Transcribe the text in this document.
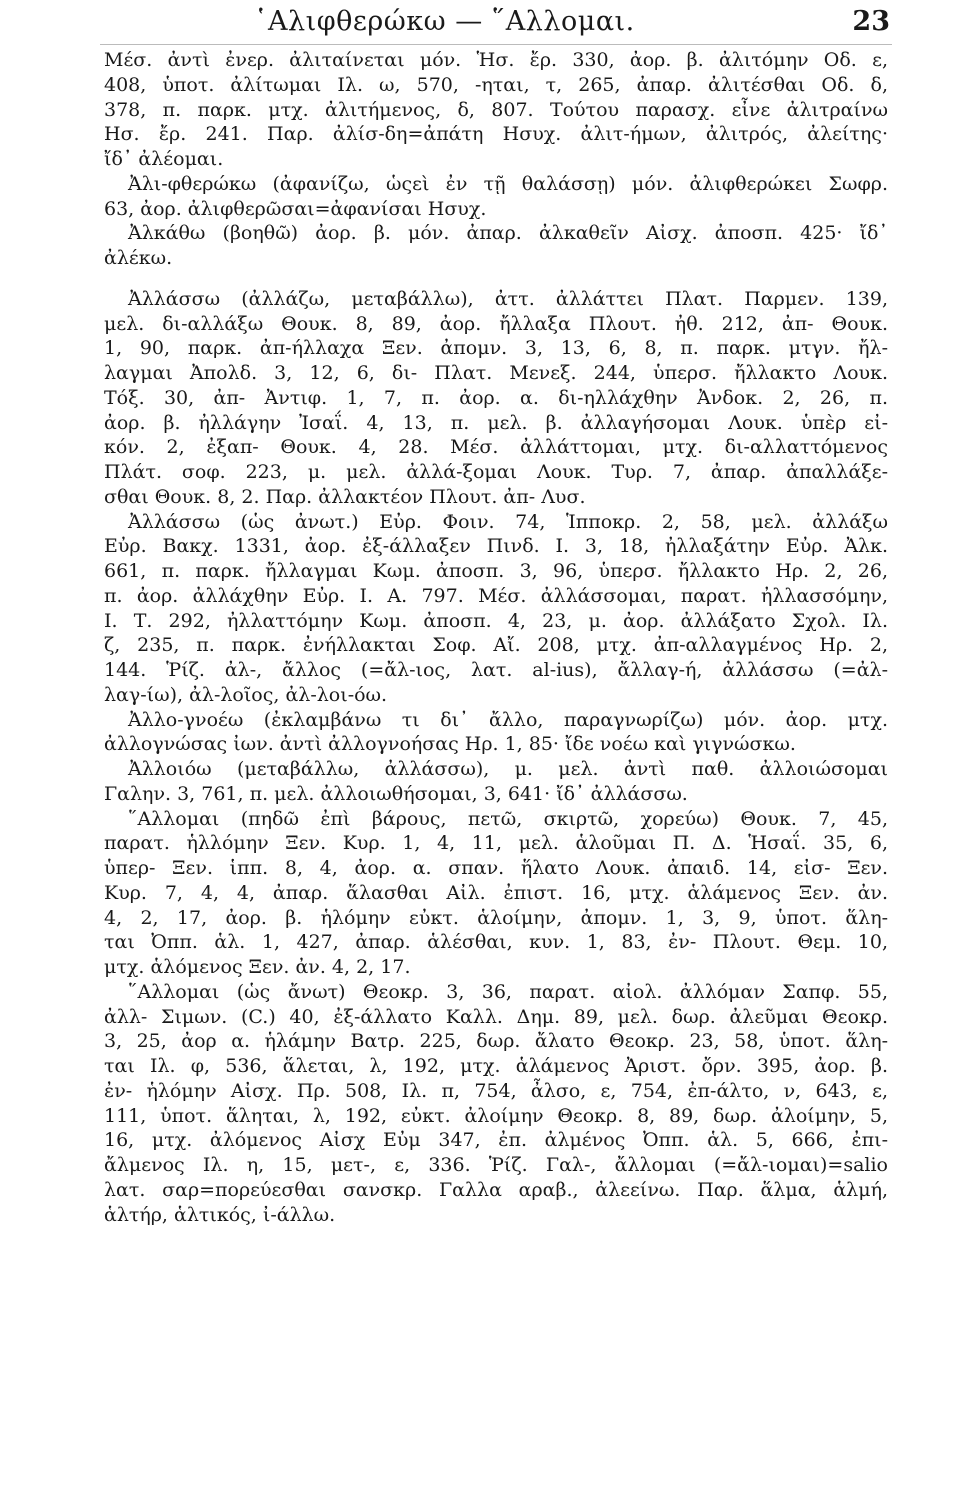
῾Αλιφθερώκω — ῞Αλλομαι.	23
Μέσ. ἀντὶ ἐνερ. ἀλιταίνεται μόν. Ἡσ. ἔρ. 330, ἀορ. β. ἀλιτόμην Οδ. ε,
408, ὑποτ. ἀλίτωμαι Ιλ. ω, 570, -ηται, τ, 265, ἀπαρ. ἀλιτέσθαι Οδ. δ,
378, π. παρκ. μτχ. ἀλιτήμενος, δ, 807. Τούτου παρασχ. εἶνε ἀλιτραίνω
Ησ. ἔρ. 241. Παρ. ἀλίσ-δη=ἀπάτη Ησυχ. ἀλιτ-ήμων, ἀλιτρός, ἀλείτης·
ἴδ᾽ ἀλέομαι.
Ἀλι-φθερώκω (ἀφανίζω, ὡςεὶ ἐν τῇ θαλάσσῃ) μόν. ἀλιφθερώκει Σωφρ.
63, ἀορ. ἀλιφθερῶσαι=ἀφανίσαι Ησυχ.
Ἀλκάθω (βοηθῶ) ἀορ. β. μόν. ἀπαρ. ἀλκαθεῖν Αἰσχ. ἀποσπ. 425· ἴδ᾽
ἀλέκω.
Ἀλλάσσω (ἀλλάζω, μεταβάλλω), ἀττ. ἀλλάττει Πλατ. Παρμεν. 139,
μελ. δι-αλλάξω Θουκ. 8, 89, ἀορ. ἤλλαξα Πλουτ. ἠθ. 212, ἀπ- Θουκ.
1, 90, παρκ. ἀπ-ήλλαχα Ξεν. ἀπομν. 3, 13, 6, 8, π. παρκ. μτγν. ἤλ-
λαγμαι Ἀπολδ. 3, 12, 6, δι- Πλατ. Μενεξ. 244, ὑπερσ. ἤλλακτο Λουκ.
Τόξ. 30, ἀπ- Ἀντιφ. 1, 7, π. ἀορ. α. δι-ηλλάχθην Ἀνδοκ. 2, 26, π.
ἀορ. β. ἠλλάγην Ἰσαΐ. 4, 13, π. μελ. β. ἀλλαγήσομαι Λουκ. ὑπὲρ εἰ-
κόν. 2, ἐξαπ- Θουκ. 4, 28. Μέσ. ἀλλάττομαι, μτχ. δι-αλλαττόμενος
Πλάτ. σοφ. 223, μ. μελ. ἀλλά-ξομαι Λουκ. Τυρ. 7, ἀπαρ. ἀπαλλάξε-
σθαι Θουκ. 8, 2. Παρ. ἀλλακτέον Πλουτ. ἀπ- Λυσ.
Ἀλλάσσω (ὡς ἀνωτ.) Εὐρ. Φοιν. 74, Ἱπποκρ. 2, 58, μελ. ἀλλάξω
Εὐρ. Βακχ. 1331, ἀορ. ἐξ-άλλαξεν Πινδ. Ι. 3, 18, ἠλλαξάτην Εὐρ. Ἀλκ.
661, π. παρκ. ἤλλαγμαι Κωμ. ἀποσπ. 3, 96, ὑπερσ. ἤλλακτο Ηρ. 2, 26,
π. ἀορ. ἀλλάχθην Εὐρ. Ι. Α. 797. Μέσ. ἀλλάσσομαι, παρατ. ἠλλασσόμην,
Ι. Τ. 292, ἠλλαττόμην Κωμ. ἀποσπ. 4, 23, μ. ἀορ. ἀλλάξατο Σχολ. Ιλ.
ζ, 235, π. παρκ. ἐνήλλακται Σοφ. Αἴ. 208, μτχ. ἀπ-αλλαγμένος Ηρ. 2,
144. Ῥίζ. ἀλ-, ἄλλος (=ἄλ-ιος, λατ. al-ius), ἄλλαγ-ή, ἀλλάσσω (=ἀλ-
λαγ-ίω), ἀλ-λοῖος, ἀλ-λοι-όω.
Ἀλλο-γνοέω (ἐκλαμβάνω τι δι᾽ ἄλλο, παραγνωρίζω) μόν. ἀορ. μτχ.
ἀλλογνώσας ἰων. ἀντὶ ἀλλογνοήσας Ηρ. 1, 85· ἴδε νοέω καὶ γιγνώσκω.
Ἀλλοιόω (μεταβάλλω, ἀλλάσσω), μ. μελ. ἀντὶ παθ. ἀλλοιώσομαι
Γαλην. 3, 761, π. μελ. ἀλλοιωθήσομαι, 3, 641· ἴδ᾽ ἀλλάσσω.
῞Αλλομαι (πηδῶ ἐπὶ βάρους, πετῶ, σκιρτῶ, χορεύω) Θουκ. 7, 45,
παρατ. ἡλλόμην Ξεν. Κυρ. 1, 4, 11, μελ. ἁλοῦμαι Π. Δ. Ἡσαΐ. 35, 6,
ὑπερ- Ξεν. ἱππ. 8, 4, ἀορ. α. σπαν. ἥλατο Λουκ. ἀπαιδ. 14, εἰσ- Ξεν.
Κυρ. 7, 4, 4, ἀπαρ. ἅλασθαι Αἰλ. ἐπιστ. 16, μτχ. ἁλάμενος Ξεν. ἀν.
4, 2, 17, ἀορ. β. ἡλόμην εὐκτ. ἁλοίμην, ἀπομν. 1, 3, 9, ὑποτ. ἅλη-
ται Ὀππ. ἁλ. 1, 427, ἀπαρ. ἁλέσθαι, κυν. 1, 83, ἐν- Πλουτ. Θεμ. 10,
μτχ. ἁλόμενος Ξεν. ἀν. 4, 2, 17.
῞Αλλομαι (ὡς ἄνωτ) Θεοκρ. 3, 36, παρατ. αἰολ. ἀλλόμαν Σαπφ. 55,
ἀλλ- Σιμων. (C.) 40, ἐξ-άλλατο Καλλ. Δημ. 89, μελ. δωρ. ἀλεῦμαι Θεοκρ.
3, 25, ἀορ α. ἡλάμην Βατρ. 225, δωρ. ἄλατο Θεοκρ. 23, 58, ὑποτ. ἅλη-
ται Ιλ. φ, 536, ἅλεται, λ, 192, μτχ. ἁλάμενος Ἀριστ. ὄρν. 395, ἀορ. β.
ἐν- ἡλόμην Αἰσχ. Πρ. 508, Ιλ. π, 754, ἆλσο, ε, 754, ἐπ-άλτο, ν, 643, ε,
111, ὑποτ. ἅληται, λ, 192, εὐκτ. ἀλοίμην Θεοκρ. 8, 89, δωρ. ἀλοίμην, 5,
16, μτχ. ἀλόμενος Αἰσχ Εὐμ 347, ἐπ. ἀλμένος Ὀππ. ἁλ. 5, 666, ἐπι-
ἄλμενος Ιλ. η, 15, μετ-, ε, 336. Ῥίζ. Γαλ-, ἄλλομαι (=ἄλ-ιομαι)=salio
λατ. σαρ=πορεύεσθαι σανσκρ. Γαλλα αραβ., ἀλεείνω. Παρ. ἅλμα, ἁλμή,
ἁλτήρ, ἁλτικός, ἰ-άλλω.
